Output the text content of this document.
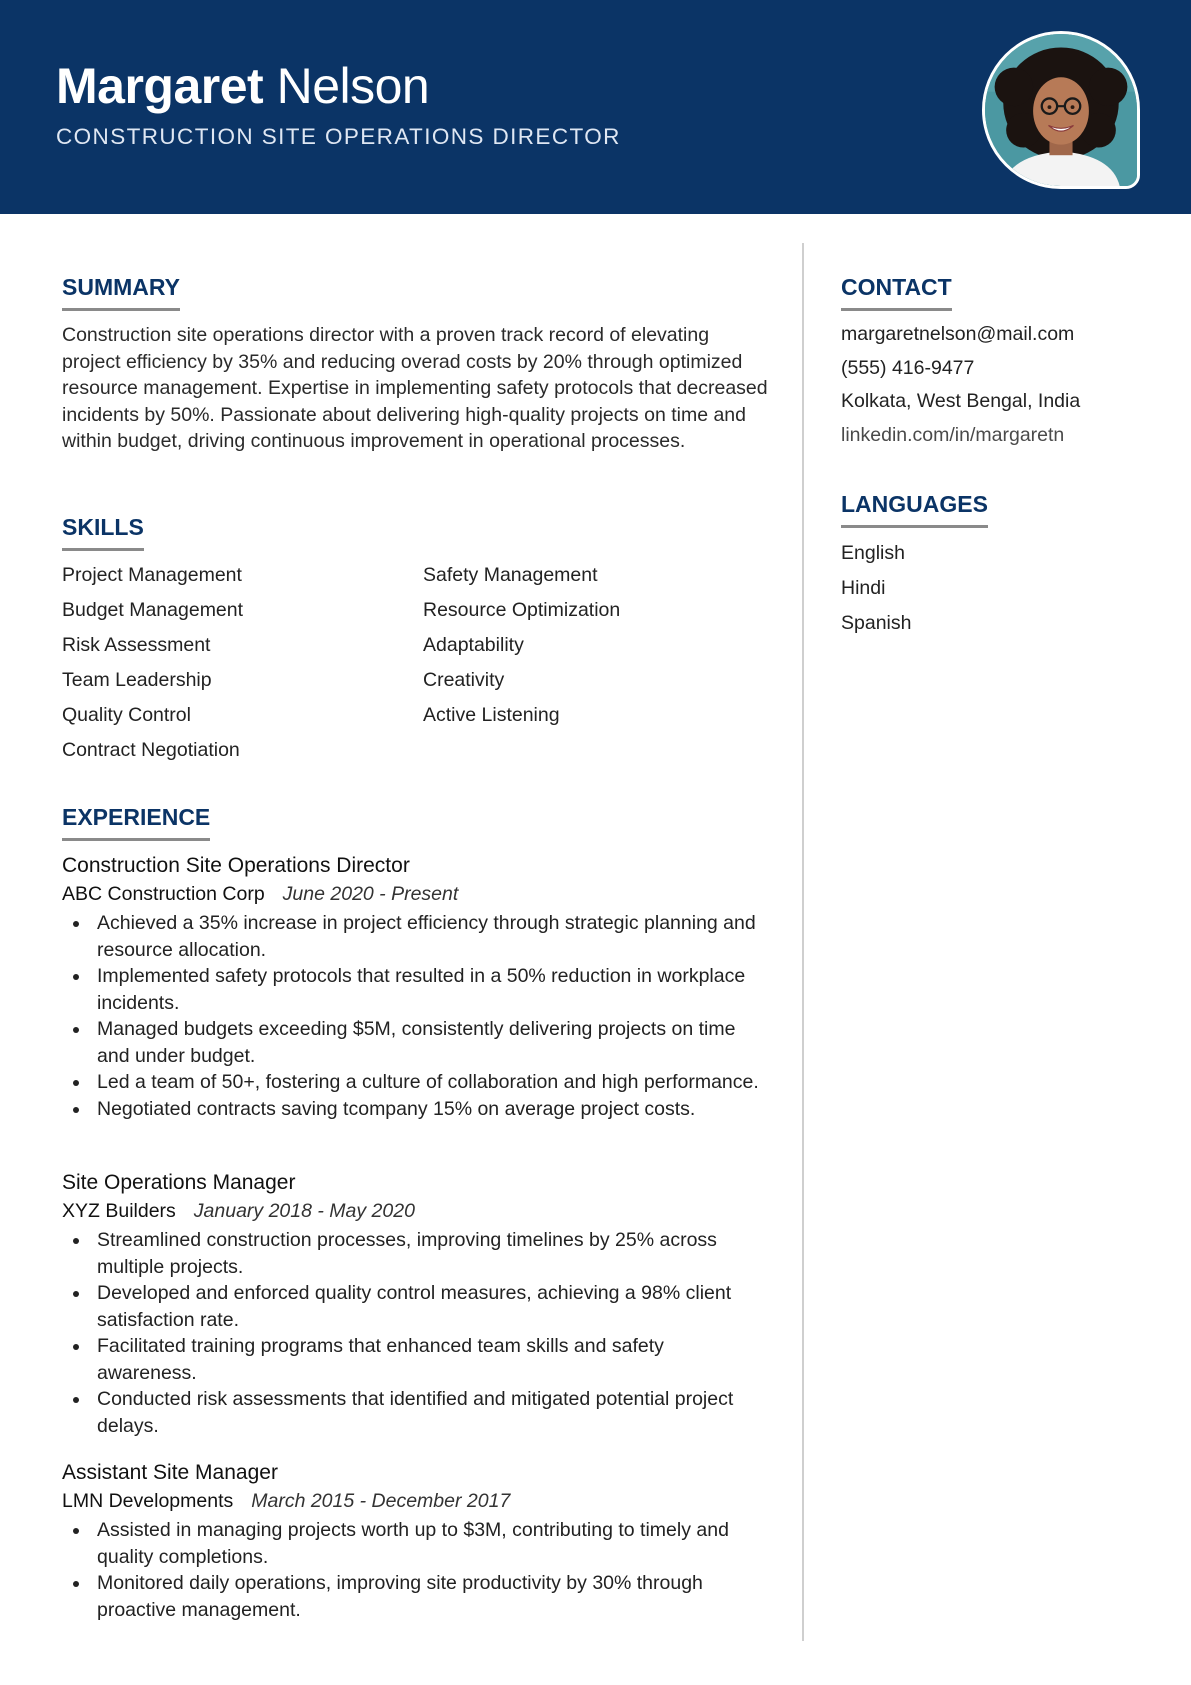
Margaret Nelson
CONSTRUCTION SITE OPERATIONS DIRECTOR
SUMMARY

Construction site operations director with a proven track record of elevating project efficiency by 35% and reducing overad costs by 20% through optimized resource management. Expertise in implementing safety protocols that decreased incidents by 50%. Passionate about delivering high-quality projects on time and within budget, driving continuous improvement in operational processes.

SKILLS
Project Management
Budget Management
Risk Assessment
Team Leadership
Quality Control
Contract Negotiation
Safety Management
Resource Optimization
Adaptability
Creativity
Active Listening
EXPERIENCE
Construction Site Operations Director
ABC Construction Corp June 2020 - Present
Achieved a 35% increase in project efficiency through strategic planning and resource allocation.
Implemented safety protocols that resulted in a 50% reduction in workplace incidents.
Managed budgets exceeding $5M, consistently delivering projects on time and under budget.
Led a team of 50+, fostering a culture of collaboration and high performance.
Negotiated contracts saving tcompany 15% on average project costs.
Site Operations Manager
XYZ Builders January 2018 - May 2020
Streamlined construction processes, improving timelines by 25% across multiple projects.
Developed and enforced quality control measures, achieving a 98% client satisfaction rate.
Facilitated training programs that enhanced team skills and safety awareness.
Conducted risk assessments that identified and mitigated potential project delays.
Assistant Site Manager
LMN Developments March 2015 - December 2017
Assisted in managing projects worth up to $3M, contributing to timely and quality completions.
Monitored daily operations, improving site productivity by 30% through proactive management.
CONTACT
margaretnelson@mail.com
(555) 416-9477
Kolkata, West Bengal, India
linkedin.com/in/margaretn
LANGUAGES
English
Hindi
Spanish
